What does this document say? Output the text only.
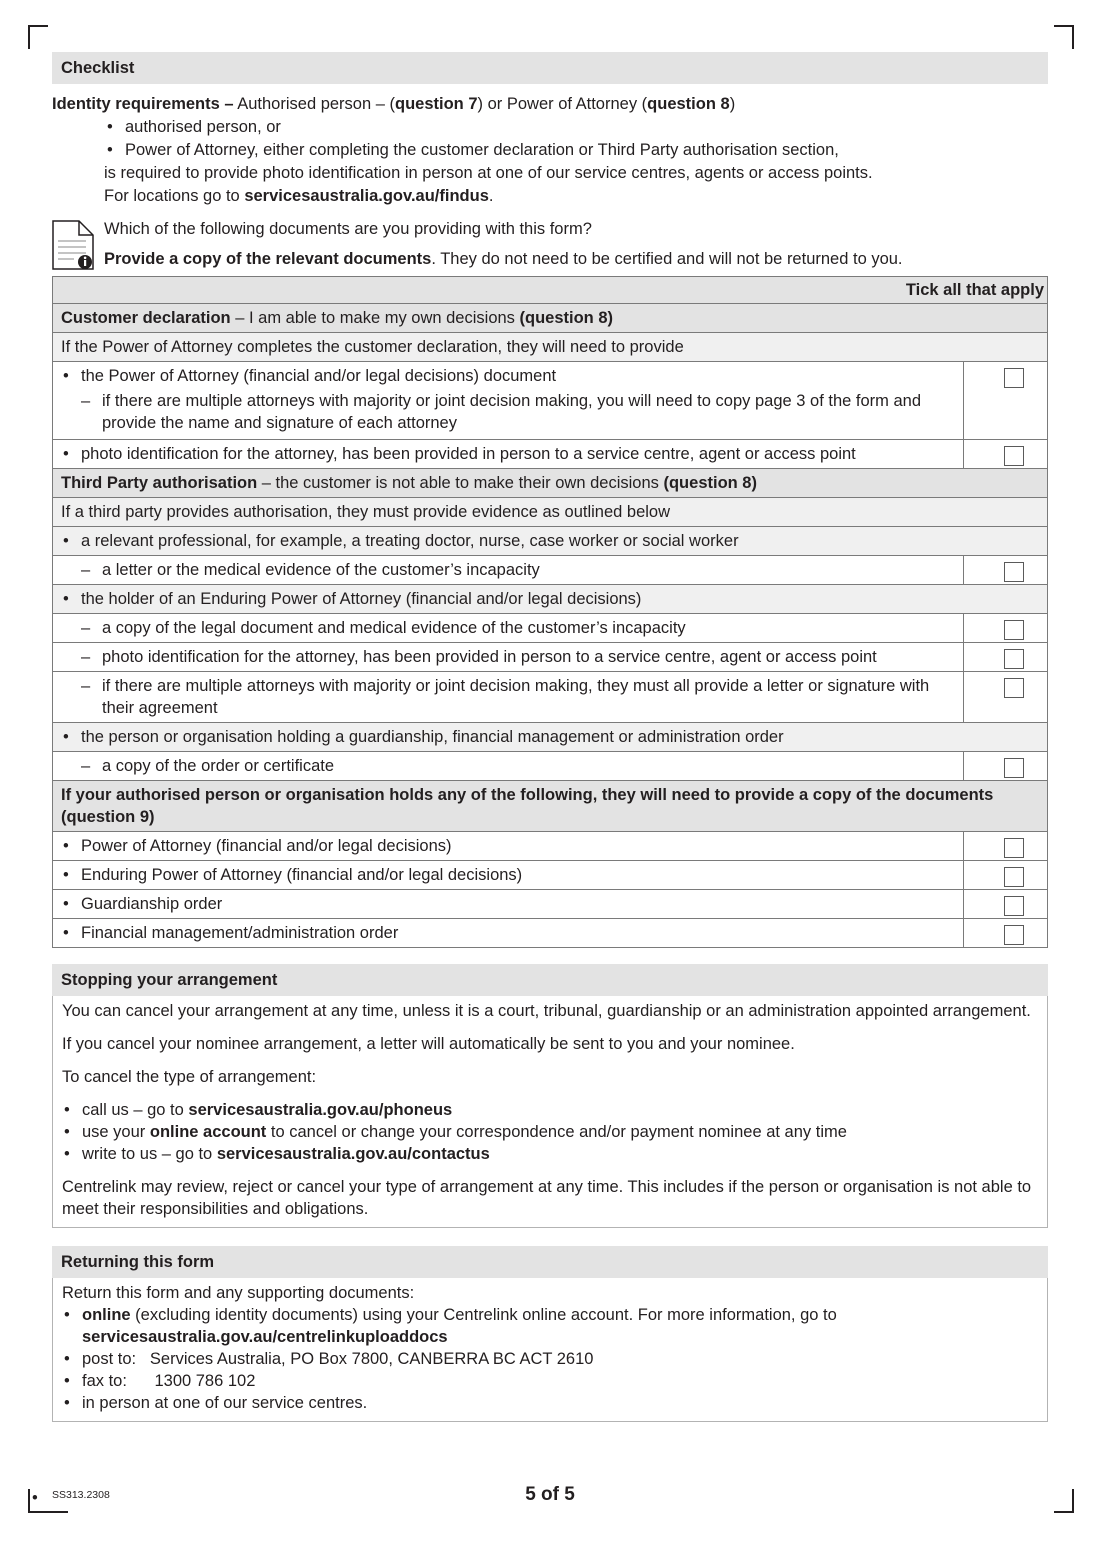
•
Checklist
Identity requirements – Authorised person – (question 7) or Power of Attorney (question 8)
• authorised person, or
• Power of Attorney, either completing the customer declaration or Third Party authorisation section,
is required to provide photo identification in person at one of our service centres, agents or access points.
For locations go to servicesaustralia.gov.au/findus.
Which of the following documents are you providing with this form?
Provide a copy of the relevant documents. They do not need to be certified and will not be returned to you.
Tick all that apply	
Customer declaration – I am able to make my own decisions (question 8)	
If the Power of Attorney completes the customer declaration, they will need to provide	

• the Power of Attorney (financial and/or legal decisions) document
– if there are multiple attorneys with majority or joint decision making, you will need to copy page 3 of the form and provide the name and signature of each attorney

• photo identification for the attorney, has been provided in person to a service centre, agent or access point

Third Party authorisation – the customer is not able to make their own decisions (question 8)	
If a third party provides authorisation, they must provide evidence as outlined below	

• a relevant professional, for example, a treating doctor, nurse, case worker or social worker

– a letter or the medical evidence of the customer’s incapacity

• the holder of an Enduring Power of Attorney (financial and/or legal decisions)

– a copy of the legal document and medical evidence of the customer’s incapacity

– photo identification for the attorney, has been provided in person to a service centre, agent or access point

– if there are multiple attorneys with majority or joint decision making, they must all provide a letter or signature with their agreement

• the person or organisation holding a guardianship, financial management or administration order

– a copy of the order or certificate

If your authorised person or organisation holds any of the following, they will need to provide a copy of the documents (question 9)	

• Power of Attorney (financial and/or legal decisions)

• Enduring Power of Attorney (financial and/or legal decisions)

• Guardianship order

• Financial management/administration order

Stopping your arrangement

You can cancel your arrangement at any time, unless it is a court, tribunal, guardianship or an administration appointed arrangement.

If you cancel your nominee arrangement, a letter will automatically be sent to you and your nominee.

To cancel the type of arrangement:

• call us – go to servicesaustralia.gov.au/phoneus
• use your online account to cancel or change your correspondence and/or payment nominee at any time
• write to us – go to servicesaustralia.gov.au/contactus

Centrelink may review, reject or cancel your type of arrangement at any time. This includes if the person or organisation is not able to meet their responsibilities and obligations.

Returning this form
Return this form and any supporting documents:
• online (excluding identity documents) using your Centrelink online account. For more information, go to
servicesaustralia.gov.au/centrelinkuploaddocs
• post to: Services Australia, PO Box 7800, CANBERRA BC ACT 2610
• fax to: 1300 786 102
• in person at one of our service centres.
SS313.2308	5 of 5
